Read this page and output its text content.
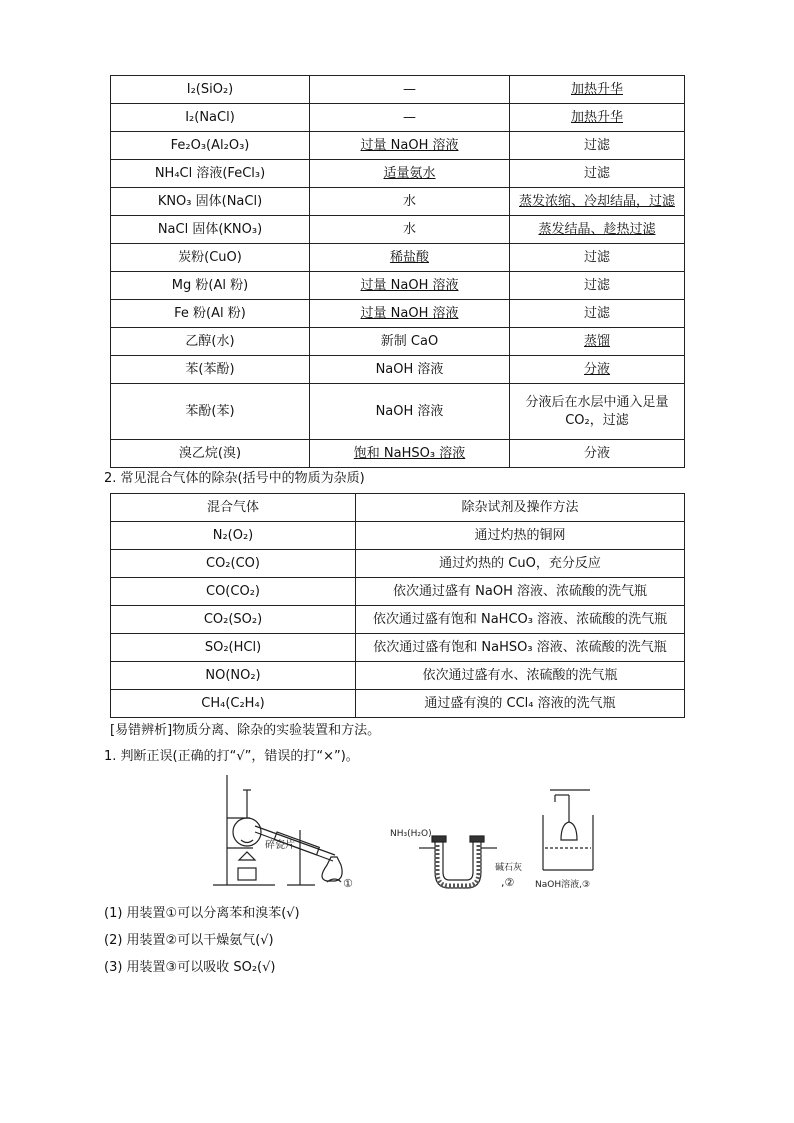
I₂(SiO₂)	—	加热升华
I₂(NaCl)	—	加热升华
Fe₂O₃(Al₂O₃)	过量 NaOH 溶液	过滤
NH₄Cl 溶液(FeCl₃)	适量氨水	过滤
KNO₃ 固体(NaCl)	水	蒸发浓缩、冷却结晶，过滤
NaCl 固体(KNO₃)	水	蒸发结晶、趁热过滤
炭粉(CuO)	稀盐酸	过滤
Mg 粉(Al 粉)	过量 NaOH 溶液	过滤
Fe 粉(Al 粉)	过量 NaOH 溶液	过滤
乙醇(水)	新制 CaO	蒸馏
苯(苯酚)	NaOH 溶液	分液
苯酚(苯)	NaOH 溶液	分液后在水层中通入足量 CO₂，过滤
溴乙烷(溴)	饱和 NaHSO₃ 溶液	分液
2. 常见混合气体的除杂(括号中的物质为杂质)
混合气体	除杂试剂及操作方法
N₂(O₂)	通过灼热的铜网
CO₂(CO)	通过灼热的 CuO，充分反应
CO(CO₂)	依次通过盛有 NaOH 溶液、浓硫酸的洗气瓶
CO₂(SO₂)	依次通过盛有饱和 NaHCO₃ 溶液、浓硫酸的洗气瓶
SO₂(HCl)	依次通过盛有饱和 NaHSO₃ 溶液、浓硫酸的洗气瓶
NO(NO₂)	依次通过盛有水、浓硫酸的洗气瓶
CH₄(C₂H₄)	通过盛有溴的 CCl₄ 溶液的洗气瓶
[易错辨析]物质分离、除杂的实验装置和方法。
1. 判断正误(正确的打“√”，错误的打“×”)。
碎瓷片
①
NH₃(H₂O)
碱石灰
,② NaOH溶液,③
(1) 用装置①可以分离苯和溴苯(√)
(2) 用装置②可以干燥氨气(√)
(3) 用装置③可以吸收 SO₂(√)
